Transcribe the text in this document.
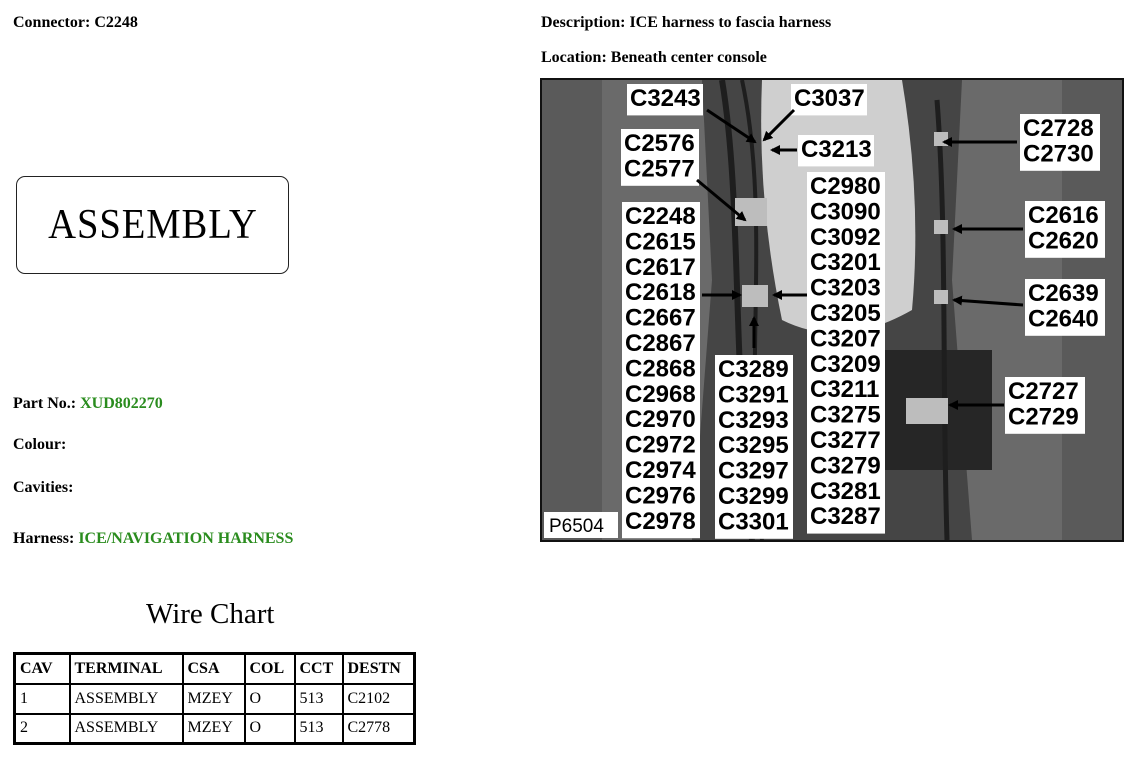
Connector: C2248	Description: ICE harness to fascia harness
Location: Beneath center console
ASSEMBLY
Part No.: XUD802270
Colour:
Cavities:
Harness: ICE/NAVIGATION HARNESS
Wire Chart
CAV	TERMINAL	CSA	COL	CCT	DESTN
1	ASSEMBLY	MZEY	O	513	C2102
2	ASSEMBLY	MZEY	O	513	C2778
C2248
C2615
C2617
C2618
C2667
C2867
C2868
C2968
C2970
C2972
C2974
C2976
C2978
C3289
C3291
C3293
C3295
C3297
C3299
C3301
C2980
C3090
C3092
C3201
C3203
C3205
C3207
C3209
C3211
C3275
C3277
C3279
C3281
C3287
C3243	C3037
C3213
C2576
C2577
C2728
C2730
C2616
C2620
C2639
C2640
C2727
C2729
P6504
